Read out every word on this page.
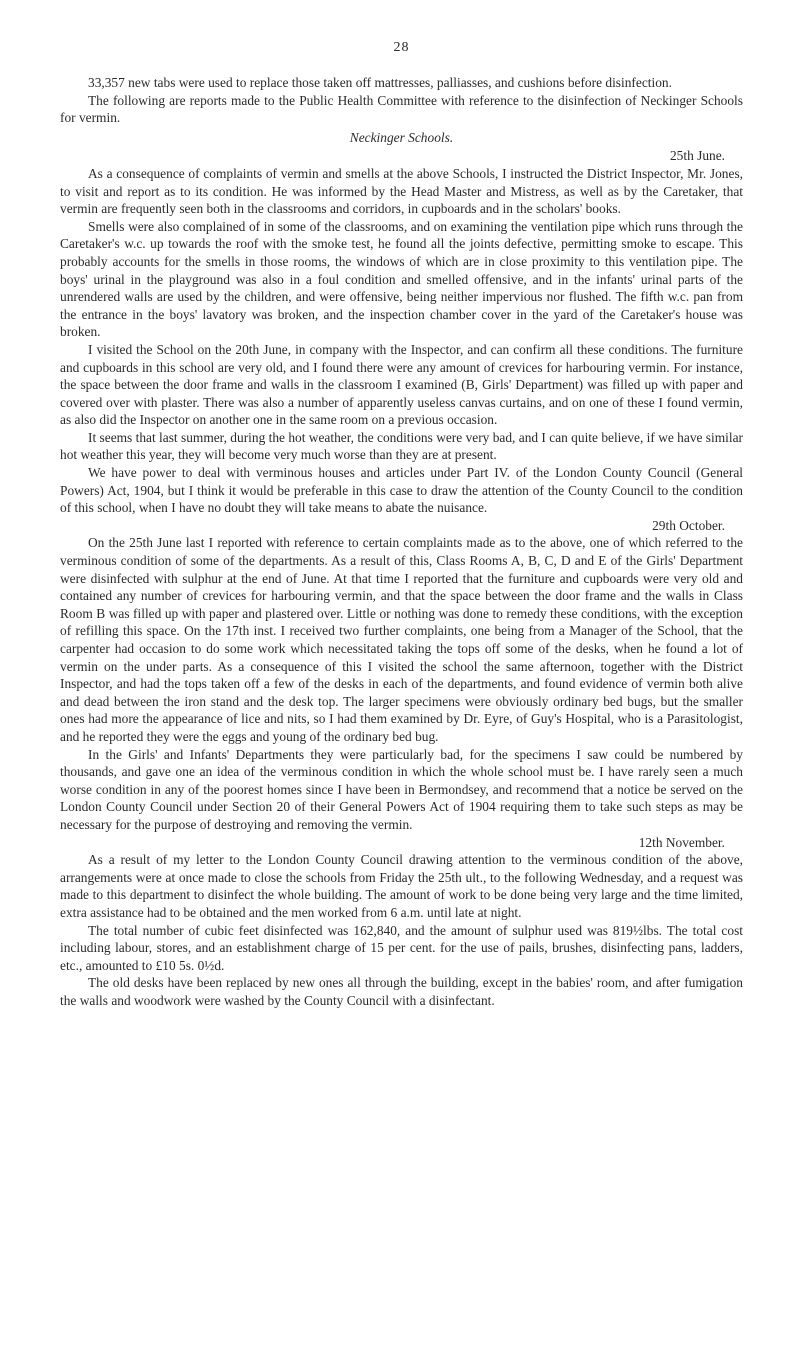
28

33,357 new tabs were used to replace those taken off mattresses, palliasses, and cushions before disinfection.

The following are reports made to the Public Health Committee with reference to the disinfection of Neckinger Schools for vermin.

Neckinger Schools.
25th June.

As a consequence of complaints of vermin and smells at the above Schools, I instructed the District Inspector, Mr. Jones, to visit and report as to its condition. He was informed by the Head Master and Mistress, as well as by the Caretaker, that vermin are frequently seen both in the classrooms and corridors, in cupboards and in the scholars' books.

Smells were also complained of in some of the classrooms, and on examining the ventilation pipe which runs through the Caretaker's w.c. up towards the roof with the smoke test, he found all the joints defective, permitting smoke to escape. This probably accounts for the smells in those rooms, the windows of which are in close proximity to this ventilation pipe. The boys' urinal in the playground was also in a foul condition and smelled offensive, and in the infants' urinal parts of the unrendered walls are used by the children, and were offensive, being neither impervious nor flushed. The fifth w.c. pan from the entrance in the boys' lavatory was broken, and the inspection chamber cover in the yard of the Caretaker's house was broken.

I visited the School on the 20th June, in company with the Inspector, and can confirm all these conditions. The furniture and cupboards in this school are very old, and I found there were any amount of crevices for harbouring vermin. For instance, the space between the door frame and walls in the classroom I examined (B, Girls' Department) was filled up with paper and covered over with plaster. There was also a number of apparently useless canvas curtains, and on one of these I found vermin, as also did the Inspector on another one in the same room on a previous occasion.

It seems that last summer, during the hot weather, the conditions were very bad, and I can quite believe, if we have similar hot weather this year, they will become very much worse than they are at present.

We have power to deal with verminous houses and articles under Part IV. of the London County Council (General Powers) Act, 1904, but I think it would be preferable in this case to draw the attention of the County Council to the condition of this school, when I have no doubt they will take means to abate the nuisance.

29th October.

On the 25th June last I reported with reference to certain complaints made as to the above, one of which referred to the verminous condition of some of the departments. As a result of this, Class Rooms A, B, C, D and E of the Girls' Department were disinfected with sulphur at the end of June. At that time I reported that the furniture and cupboards were very old and contained any number of crevices for harbouring vermin, and that the space between the door frame and the walls in Class Room B was filled up with paper and plastered over. Little or nothing was done to remedy these conditions, with the exception of refilling this space. On the 17th inst. I received two further complaints, one being from a Manager of the School, that the carpenter had occasion to do some work which necessitated taking the tops off some of the desks, when he found a lot of vermin on the under parts. As a consequence of this I visited the school the same afternoon, together with the District Inspector, and had the tops taken off a few of the desks in each of the departments, and found evidence of vermin both alive and dead between the iron stand and the desk top. The larger specimens were obviously ordinary bed bugs, but the smaller ones had more the appearance of lice and nits, so I had them examined by Dr. Eyre, of Guy's Hospital, who is a Parasitologist, and he reported they were the eggs and young of the ordinary bed bug.

In the Girls' and Infants' Departments they were particularly bad, for the specimens I saw could be numbered by thousands, and gave one an idea of the verminous condition in which the whole school must be. I have rarely seen a much worse condition in any of the poorest homes since I have been in Bermondsey, and recommend that a notice be served on the London County Council under Section 20 of their General Powers Act of 1904 requiring them to take such steps as may be necessary for the purpose of destroying and removing the vermin.

12th November.

As a result of my letter to the London County Council drawing attention to the verminous condition of the above, arrangements were at once made to close the schools from Friday the 25th ult., to the following Wednesday, and a request was made to this department to disinfect the whole building. The amount of work to be done being very large and the time limited, extra assistance had to be obtained and the men worked from 6 a.m. until late at night.

The total number of cubic feet disinfected was 162,840, and the amount of sulphur used was 819½lbs. The total cost including labour, stores, and an establishment charge of 15 per cent. for the use of pails, brushes, disinfecting pans, ladders, etc., amounted to £10 5s. 0½d.

The old desks have been replaced by new ones all through the building, except in the babies' room, and after fumigation the walls and woodwork were washed by the County Council with a disinfectant.
